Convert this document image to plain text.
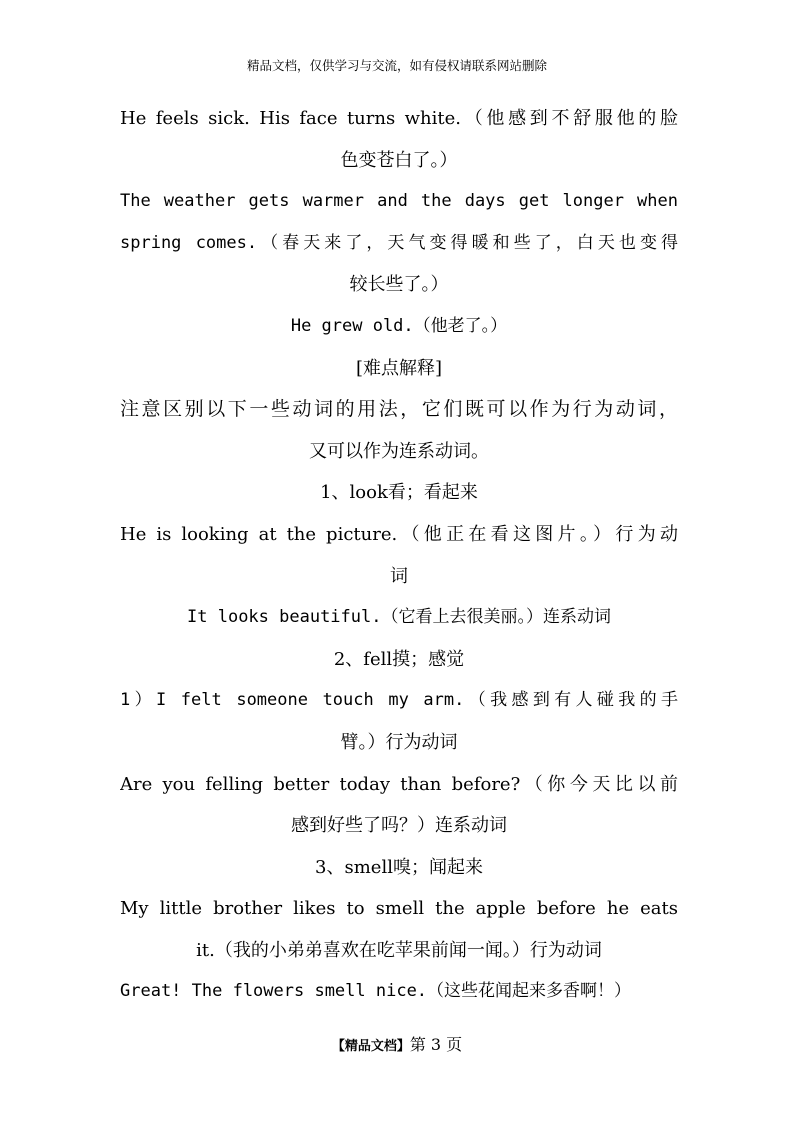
精品文档，仅供学习与交流，如有侵权请联系网站删除
He feels sick. His face turns white.（他感到不舒服他的脸
色变苍白了。）
The weather gets warmer and the days get longer when
spring comes.（春天来了，天气变得暖和些了，白天也变得
较长些了。）
He grew old.（他老了。）
[难点解释]
注意区别以下一些动词的用法，它们既可以作为行为动词，
又可以作为连系动词。
1、look看；看起来
He is looking at the picture.（他正在看这图片。）行为动
词
It looks beautiful.（它看上去很美丽。）连系动词
2、fell摸；感觉
1）I felt someone touch my arm.（我感到有人碰我的手
臂。）行为动词
Are you felling better today than before?（你今天比以前
感到好些了吗？）连系动词
3、smell嗅；闻起来
My little brother likes to smell the apple before he eats
it.（我的小弟弟喜欢在吃苹果前闻一闻。）行为动词
Great! The flowers smell nice.（这些花闻起来多香啊！）
【精品文档】第 3 页
